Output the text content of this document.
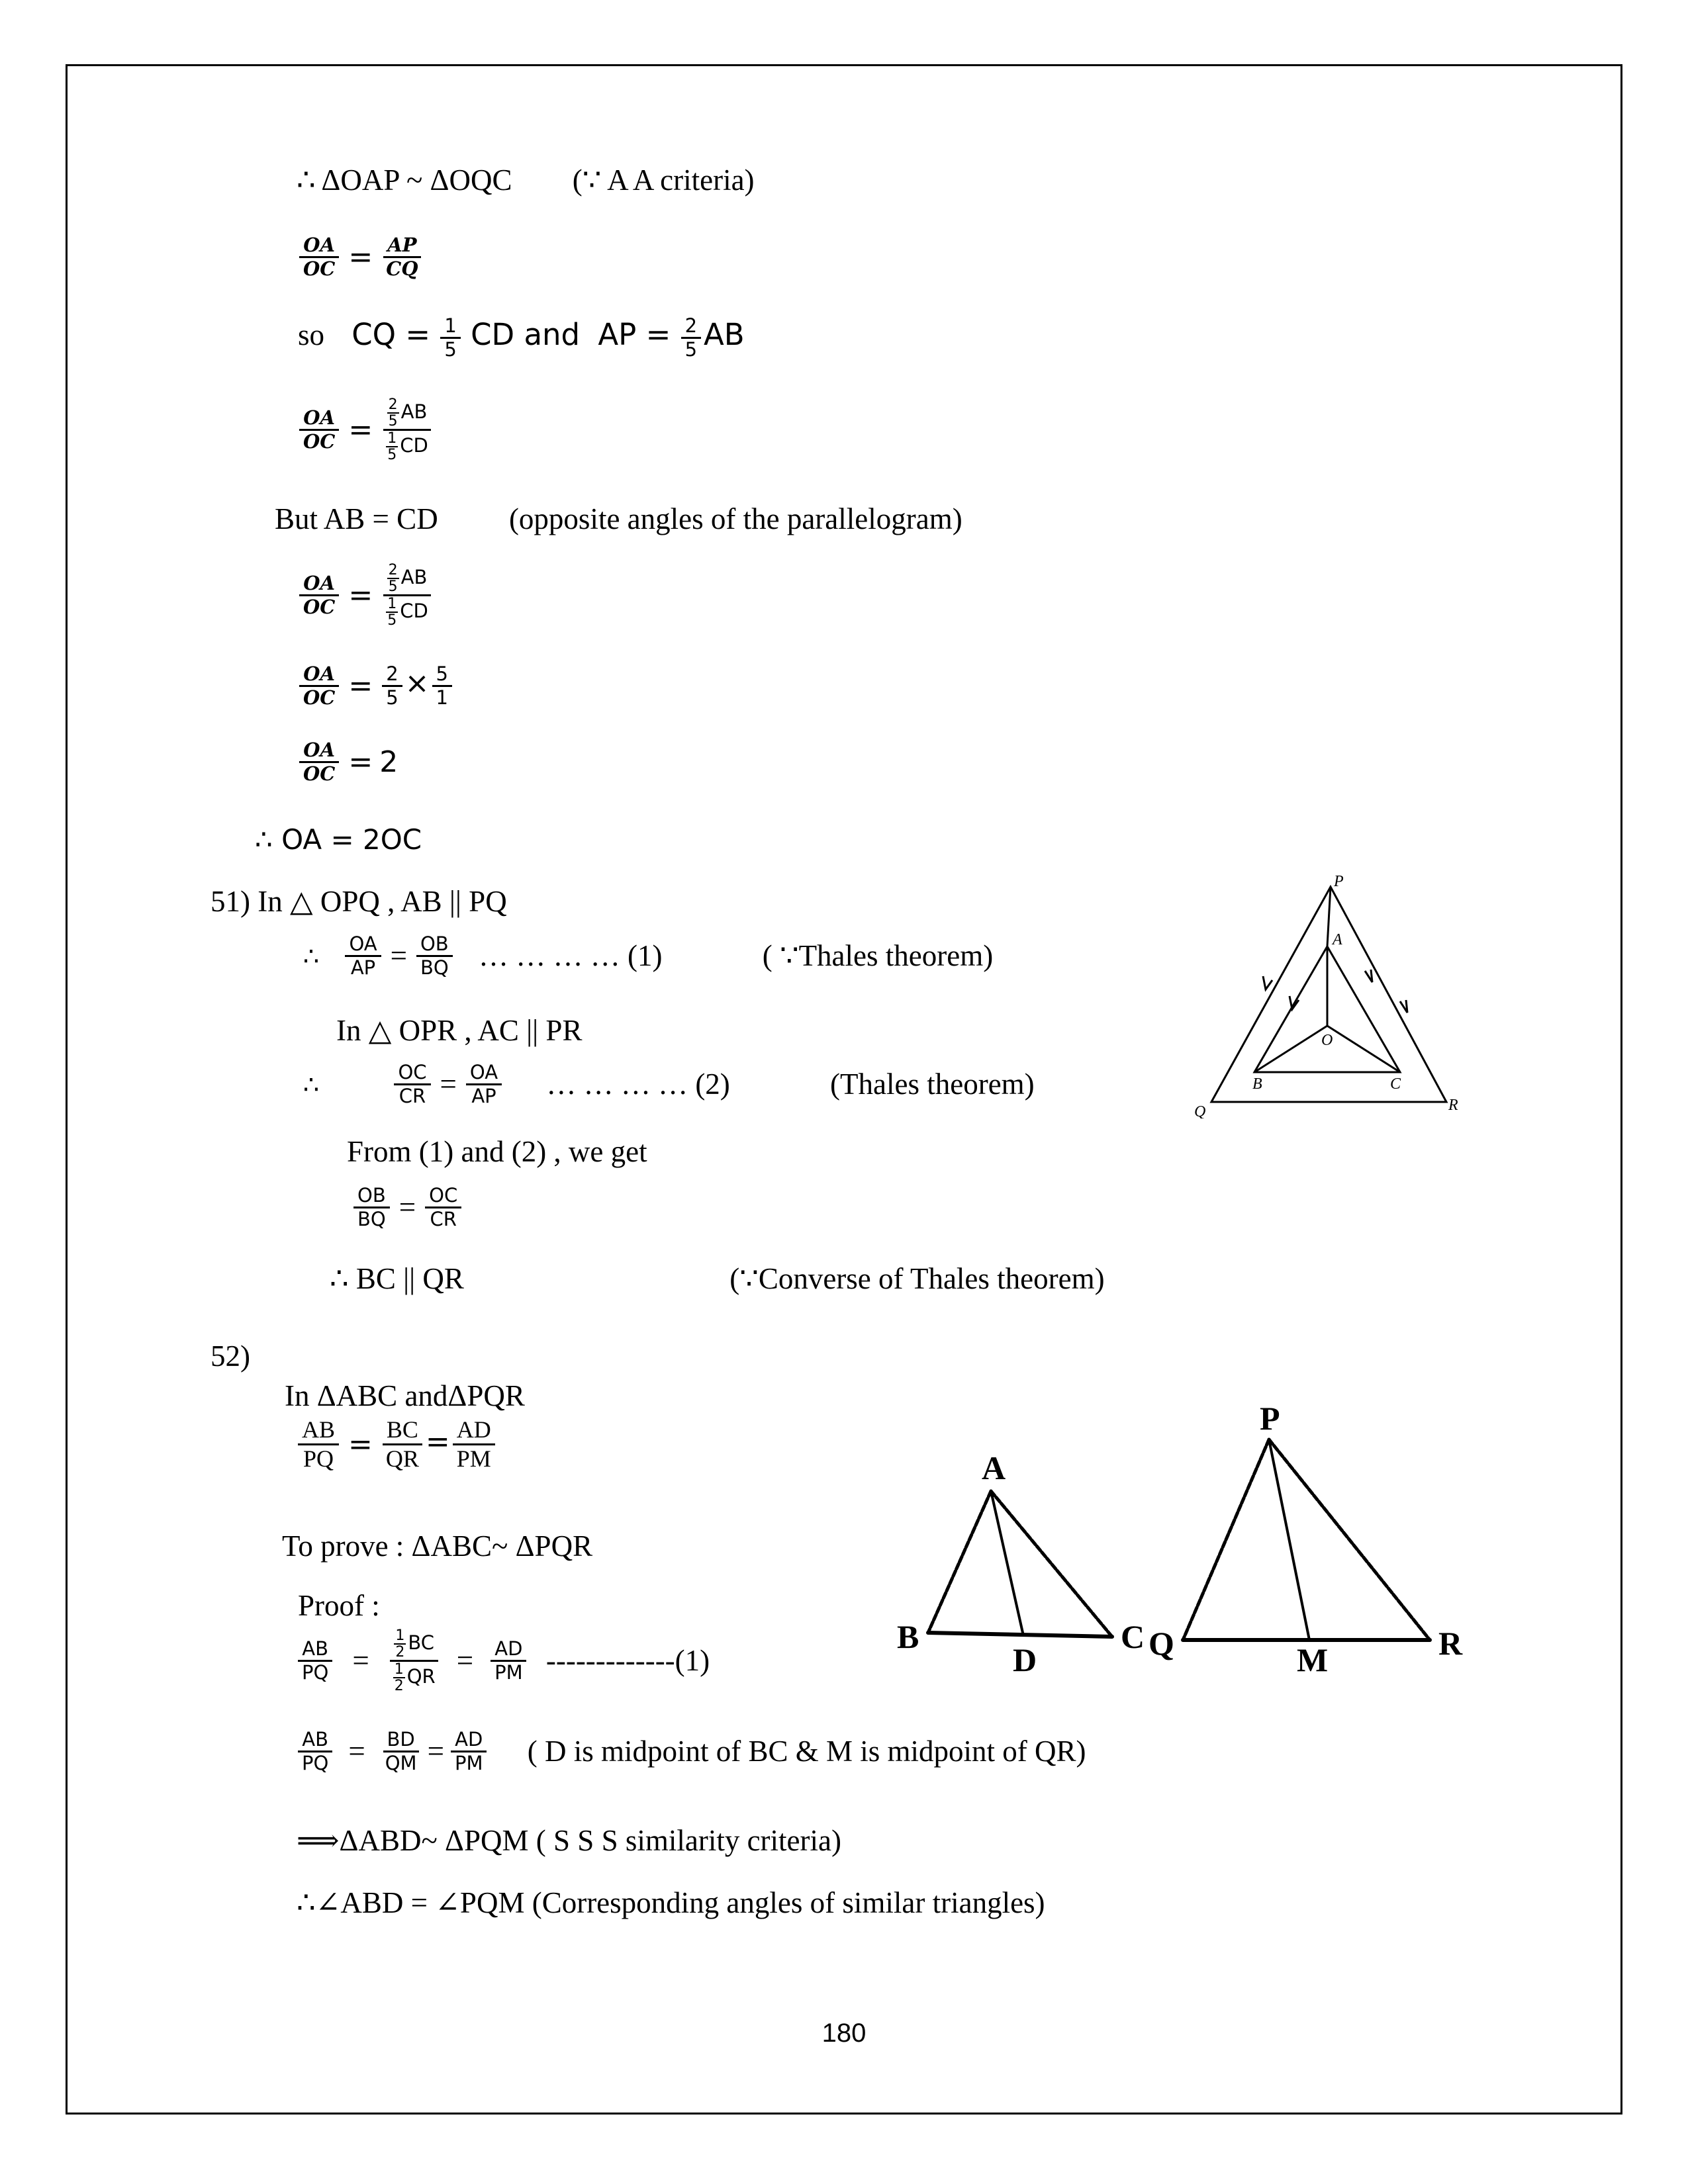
∴ ΔOAP ~ ΔOQC (∵ A A criteria)
$\frac{OA}{OC} = \frac{AP}{CQ}$
so CQ = $\frac{1}{5}$ CD and AP = $\frac{2}{5}$ AB
$\frac{OA}{OC} = \frac{\frac{2}{5} AB}{\frac{1}{5} CD}$
But AB = CD (opposite angles of the parallelogram)
$\frac{OA}{OC} = \frac{\frac{2}{5} AB}{\frac{1}{5} CD}$
$\frac{OA}{OC} = \frac{2}{5} \times \frac{5}{1}$
$\frac{OA}{OC} = 2$
∴ OA = 2OC
51) In △ OPQ , AB || PQ
∴ $\frac{OA}{AP} = \frac{OB}{BQ}$ … … … … (1)	( ∵Thales theorem)
In △ OPR , AC || PR
∴	$\frac{OC}{CR} = \frac{OA}{AP}$ … … … … (2)	(Thales theorem)
From (1) and (2) , we get
$\frac{OB}{BQ} = \frac{OC}{CR}$
∴ BC || QR	(∵Converse of Thales theorem)
P
A
O
B	C
Q	R
52)
In ΔABC andΔPQR
$\frac{AB}{PQ} = \frac{BC}{QR} = \frac{AD}{PM}$
To prove : ΔABC~ ΔPQR
Proof :
$\frac{AB}{PQ} = \frac{\frac{1}{2} BC}{\frac{1}{2} QR} = \frac{AD}{PM} -------------(1)$
$\frac{AB}{PQ} = \frac{BD}{QM} = \frac{AD}{PM}$ ( D is midpoint of BC & M is midpoint of QR)
⟹ΔABD~ ΔPQM ( S S S similarity criteria)
∴∠ABD = ∠PQM (Corresponding angles of similar triangles)
A
B	C
D
P
Q	R
M
180
